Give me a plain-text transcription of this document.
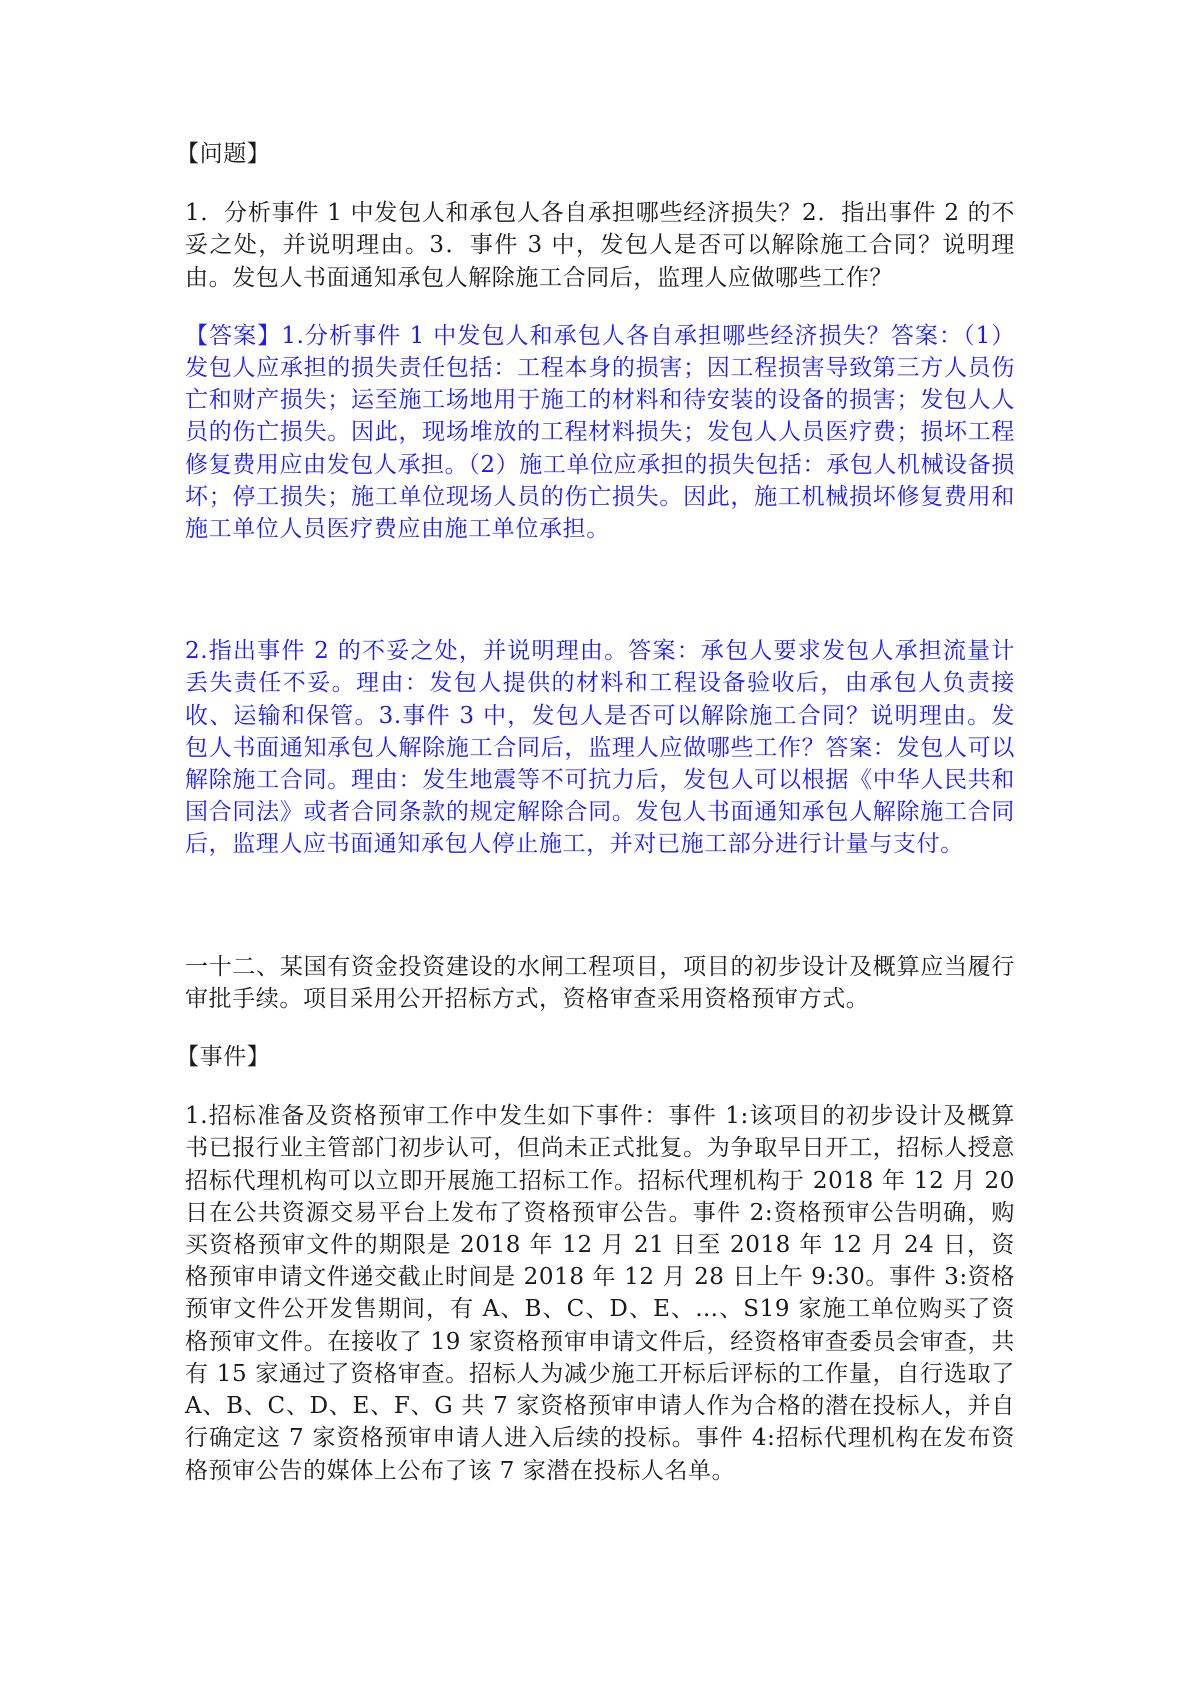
【问题】

1．分析事件 1 中发包人和承包人各自承担哪些经济损失？2．指出事件 2 的不妥之处，并说明理由。3．事件 3 中，发包人是否可以解除施工合同？说明理由。发包人书面通知承包人解除施工合同后，监理人应做哪些工作？

【答案】1.分析事件 1 中发包人和承包人各自承担哪些经济损失？答案：（1）发包人应承担的损失责任包括：工程本身的损害；因工程损害导致第三方人员伤亡和财产损失；运至施工场地用于施工的材料和待安装的设备的损害；发包人人员的伤亡损失。因此，现场堆放的工程材料损失；发包人人员医疗费；损坏工程修复费用应由发包人承担。（2）施工单位应承担的损失包括：承包人机械设备损坏；停工损失；施工单位现场人员的伤亡损失。因此，施工机械损坏修复费用和施工单位人员医疗费应由施工单位承担。

2.指出事件 2 的不妥之处，并说明理由。答案：承包人要求发包人承担流量计丢失责任不妥。理由：发包人提供的材料和工程设备验收后，由承包人负责接收、运输和保管。3.事件 3 中，发包人是否可以解除施工合同？说明理由。发包人书面通知承包人解除施工合同后，监理人应做哪些工作？答案：发包人可以解除施工合同。理由：发生地震等不可抗力后，发包人可以根据《中华人民共和国合同法》或者合同条款的规定解除合同。发包人书面通知承包人解除施工合同后，监理人应书面通知承包人停止施工，并对已施工部分进行计量与支付。

一十二、某国有资金投资建设的水闸工程项目，项目的初步设计及概算应当履行审批手续。项目采用公开招标方式，资格审查采用资格预审方式。

【事件】

1.招标准备及资格预审工作中发生如下事件：事件 1:该项目的初步设计及概算书已报行业主管部门初步认可，但尚未正式批复。为争取早日开工，招标人授意招标代理机构可以立即开展施工招标工作。招标代理机构于 2018 年 12 月 20 日在公共资源交易平台上发布了资格预审公告。事件 2:资格预审公告明确，购买资格预审文件的期限是 2018 年 12 月 21 日至 2018 年 12 月 24 日，资格预审申请文件递交截止时间是 2018 年 12 月 28 日上午 9:30。事件 3:资格预审文件公开发售期间，有 A、B、C、D、E、…、S19 家施工单位购买了资格预审文件。在接收了 19 家资格预审申请文件后，经资格审查委员会审查，共有 15 家通过了资格审查。招标人为减少施工开标后评标的工作量，自行选取了 A、B、C、D、E、F、G 共 7 家资格预审申请人作为合格的潜在投标人，并自行确定这 7 家资格预审申请人进入后续的投标。事件 4:招标代理机构在发布资格预审公告的媒体上公布了该 7 家潜在投标人名单。
